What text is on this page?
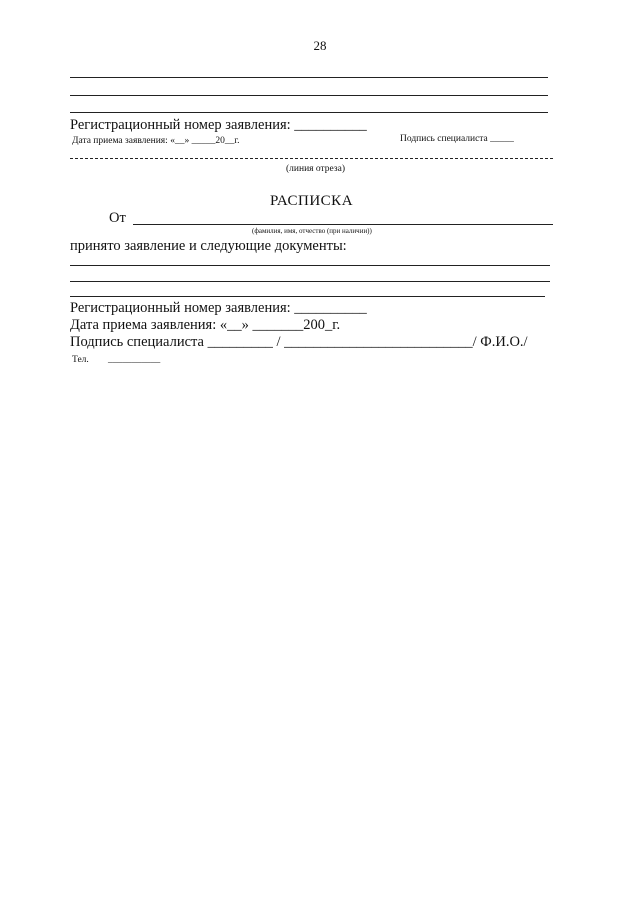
28
Регистрационный номер заявления: __________
Дата приема заявления: «__» _____20__г.	Подпись специалиста _____
(линия отреза)
РАСПИСКА
От
(фамилия, имя, отчество (при наличии))
принято заявление и следующие документы:
Регистрационный номер заявления: __________
Дата приема заявления: «__» _______200_г.
Подпись специалиста _________ / __________________________/ Ф.И.О./
Тел. ___________
